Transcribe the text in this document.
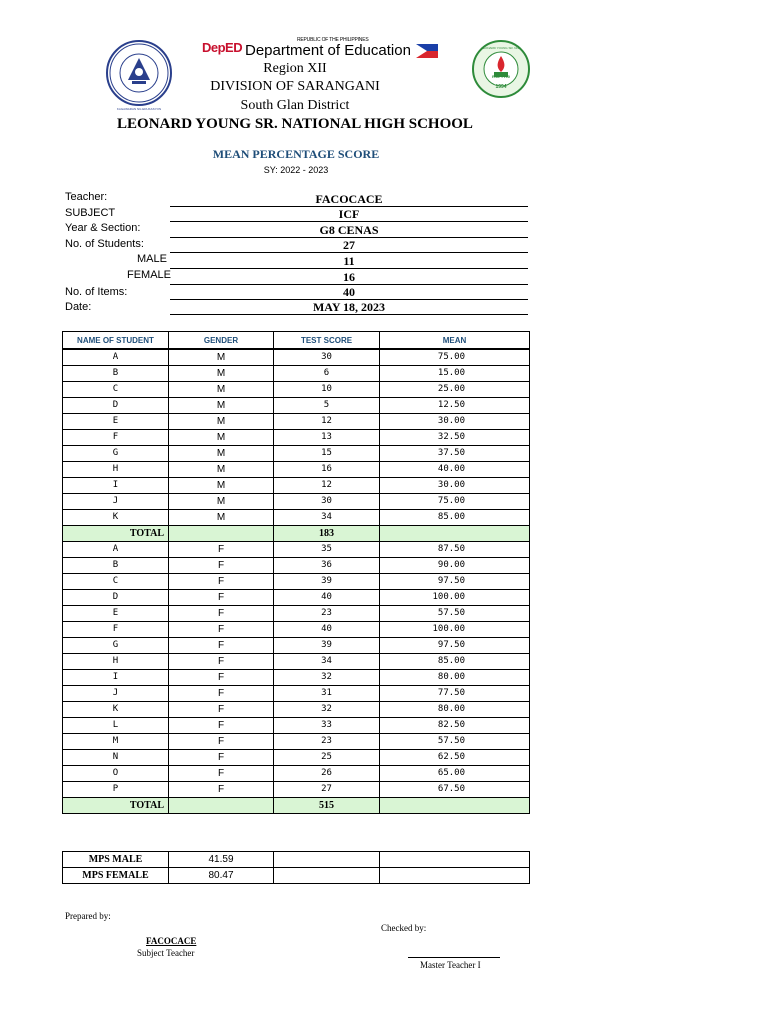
KAGAWARAN NG EDUKASYON
DepED	REPUBLIC OF THE PHILIPPINES
Department of Education
Region XII
DIVISION OF SARANGANI
South Glan District
LEONARD YOUNG SR. NATIONAL HIGH SCHOOL
LEONARD YOUNG SR. NHS
R.A. 7790
1994
MEAN PERCENTAGE SCORE
SY: 2022 - 2023
Teacher:	FACOCACE
SUBJECT	ICF
Year & Section:	G8 CENAS
No. of Students:	27
MALE	11
FEMALE	16
No. of Items:	40
Date:	MAY 18, 2023
NAME OF STUDENT	GENDER	TEST SCORE	MEAN
A	M	30	75.00
B	M	6	15.00
C	M	10	25.00
D	M	5	12.50
E	M	12	30.00
F	M	13	32.50
G	M	15	37.50
H	M	16	40.00
I	M	12	30.00
J	M	30	75.00
K	M	34	85.00
TOTAL		183	
A	F	35	87.50
B	F	36	90.00
C	F	39	97.50
D	F	40	100.00
E	F	23	57.50
F	F	40	100.00
G	F	39	97.50
H	F	34	85.00
I	F	32	80.00
J	F	31	77.50
K	F	32	80.00
L	F	33	82.50
M	F	23	57.50
N	F	25	62.50
O	F	26	65.00
P	F	27	67.50
TOTAL		515	
MPS MALE	41.59		
MPS FEMALE	80.47		
Prepared by:
FACOCACE
Subject Teacher
Checked by:
Master Teacher I
